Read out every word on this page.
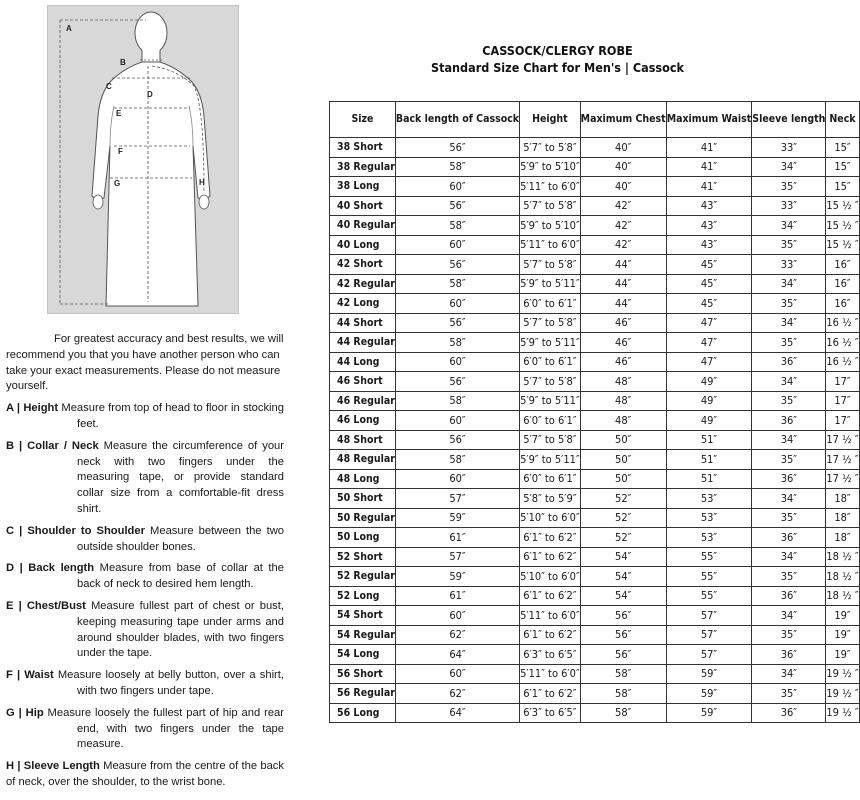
A
B
C
D
E
F
G	H

For greatest accuracy and best results, we will recommend you that you have another person who can take your exact measurements. Please do not measure yourself.

A | Height Measure from top of head to floor in stocking feet.

B | Collar / Neck Measure the circumference of your neck with two fingers under the measuring tape, or provide standard collar size from a comfortable-fit dress shirt.

C | Shoulder to Shoulder Measure between the two outside shoulder bones.

D | Back length Measure from base of collar at the back of neck to desired hem length.

E | Chest/Bust Measure fullest part of chest or bust, keeping measuring tape under arms and around shoulder blades, with two fingers under the tape.

F | Waist Measure loosely at belly button, over a shirt, with two fingers under tape.

G | Hip Measure loosely the fullest part of hip and rear end, with two fingers under the tape measure.

H | Sleeve Length Measure from the centre of the back of neck, over the shoulder, to the wrist bone.

CASSOCK/CLERGY ROBE
Standard Size Chart for Men's | Cassock
Size	Back length of Cassock	Height	Maximum Chest	Maximum Waist	Sleeve length	Neck
38 Short	56″	5′7″ to 5′8″	40″	41″	33″	15″
38 Regular	58″	5′9″ to 5′10″	40″	41″	34″	15″
38 Long	60″	5′11″ to 6′0″	40″	41″	35″	15″
40 Short	56″	5′7″ to 5′8″	42″	43″	33″	15 ½ ″
40 Regular	58″	5′9″ to 5′10″	42″	43″	34″	15 ½ ″
40 Long	60″	5′11″ to 6′0″	42″	43″	35″	15 ½ ″
42 Short	56″	5′7″ to 5′8″	44″	45″	33″	16″
42 Regular	58″	5′9″ to 5′11″	44″	45″	34″	16″
42 Long	60″	6′0″ to 6′1″	44″	45″	35″	16″
44 Short	56″	5′7″ to 5′8″	46″	47″	34″	16 ½ ″
44 Regular	58″	5′9″ to 5′11″	46″	47″	35″	16 ½ ″
44 Long	60″	6′0″ to 6′1″	46″	47″	36″	16 ½ ″
46 Short	56″	5′7″ to 5′8″	48″	49″	34″	17″
46 Regular	58″	5′9″ to 5′11″	48″	49″	35″	17″
46 Long	60″	6′0″ to 6′1″	48″	49″	36″	17″
48 Short	56″	5′7″ to 5′8″	50″	51″	34″	17 ½ ″
48 Regular	58″	5′9″ to 5′11″	50″	51″	35″	17 ½ ″
48 Long	60″	6′0″ to 6′1″	50″	51″	36″	17 ½ ″
50 Short	57″	5′8″ to 5′9″	52″	53″	34″	18″
50 Regular	59″	5′10″ to 6′0″	52″	53″	35″	18″
50 Long	61″	6′1″ to 6′2″	52″	53″	36″	18″
52 Short	57″	6′1″ to 6′2″	54″	55″	34″	18 ½ ″
52 Regular	59″	5′10″ to 6′0″	54″	55″	35″	18 ½ ″
52 Long	61″	6′1″ to 6′2″	54″	55″	36″	18 ½ ″
54 Short	60″	5′11″ to 6′0″	56″	57″	34″	19″
54 Regular	62″	6′1″ to 6′2″	56″	57″	35″	19″
54 Long	64″	6′3″ to 6′5″	56″	57″	36″	19″
56 Short	60″	5′11″ to 6′0″	58″	59″	34″	19 ½ ″
56 Regular	62″	6′1″ to 6′2″	58″	59″	35″	19 ½ ″
56 Long	64″	6′3″ to 6′5″	58″	59″	36″	19 ½ ″
